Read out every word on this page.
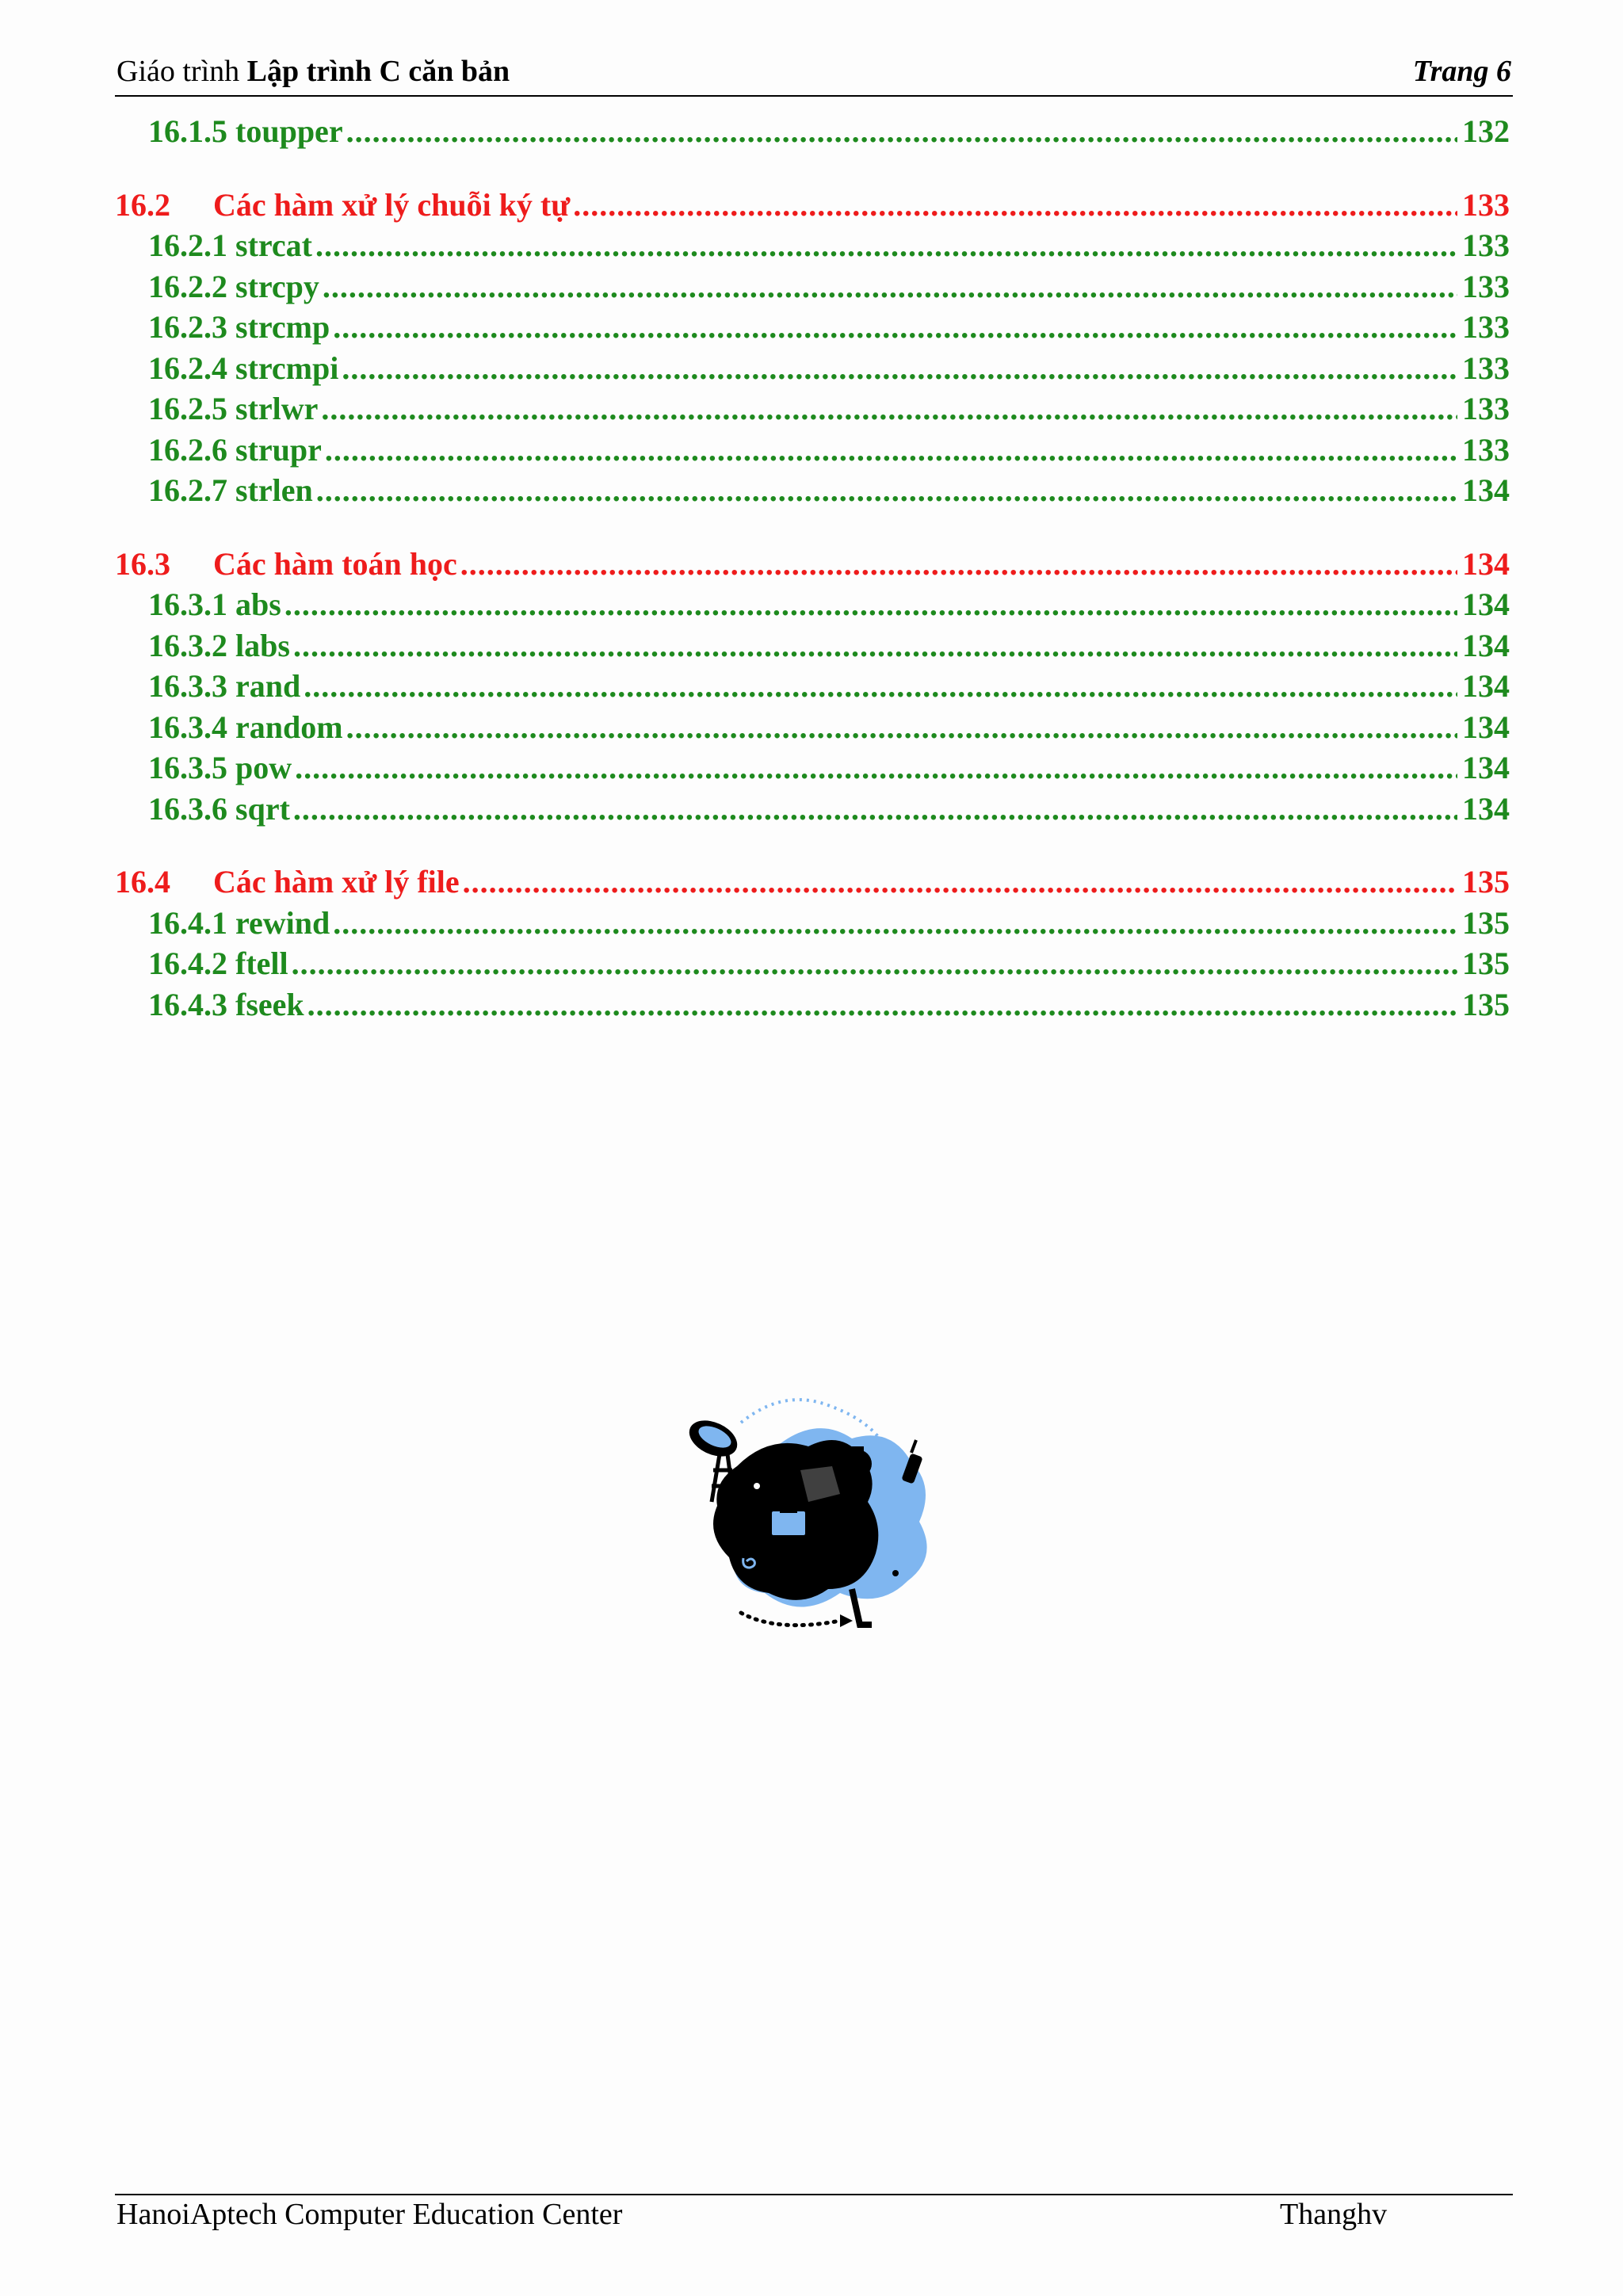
Giáo trình Lập trình C căn bản	Trang 6
16.1.5 toupper .....	132
16.2	Các hàm xử lý chuỗi ký tự .....	133
16.2.1 strcat .....	133
16.2.2 strcpy .....	133
16.2.3 strcmp .....	133
16.2.4 strcmpi .....	133
16.2.5 strlwr .....	133
16.2.6 strupr .....	133
16.2.7 strlen .....	134
16.3	Các hàm toán học .....	134
16.3.1 abs .....	134
16.3.2 labs .....	134
16.3.3 rand .....	134
16.3.4 random .....	134
16.3.5 pow .....	134
16.3.6 sqrt .....	134
16.4	Các hàm xử lý file .....	135
16.4.1 rewind .....	135
16.4.2 ftell .....	135
16.4.3 fseek .....	135
HanoiAptech Computer Education Center	Thanghv
